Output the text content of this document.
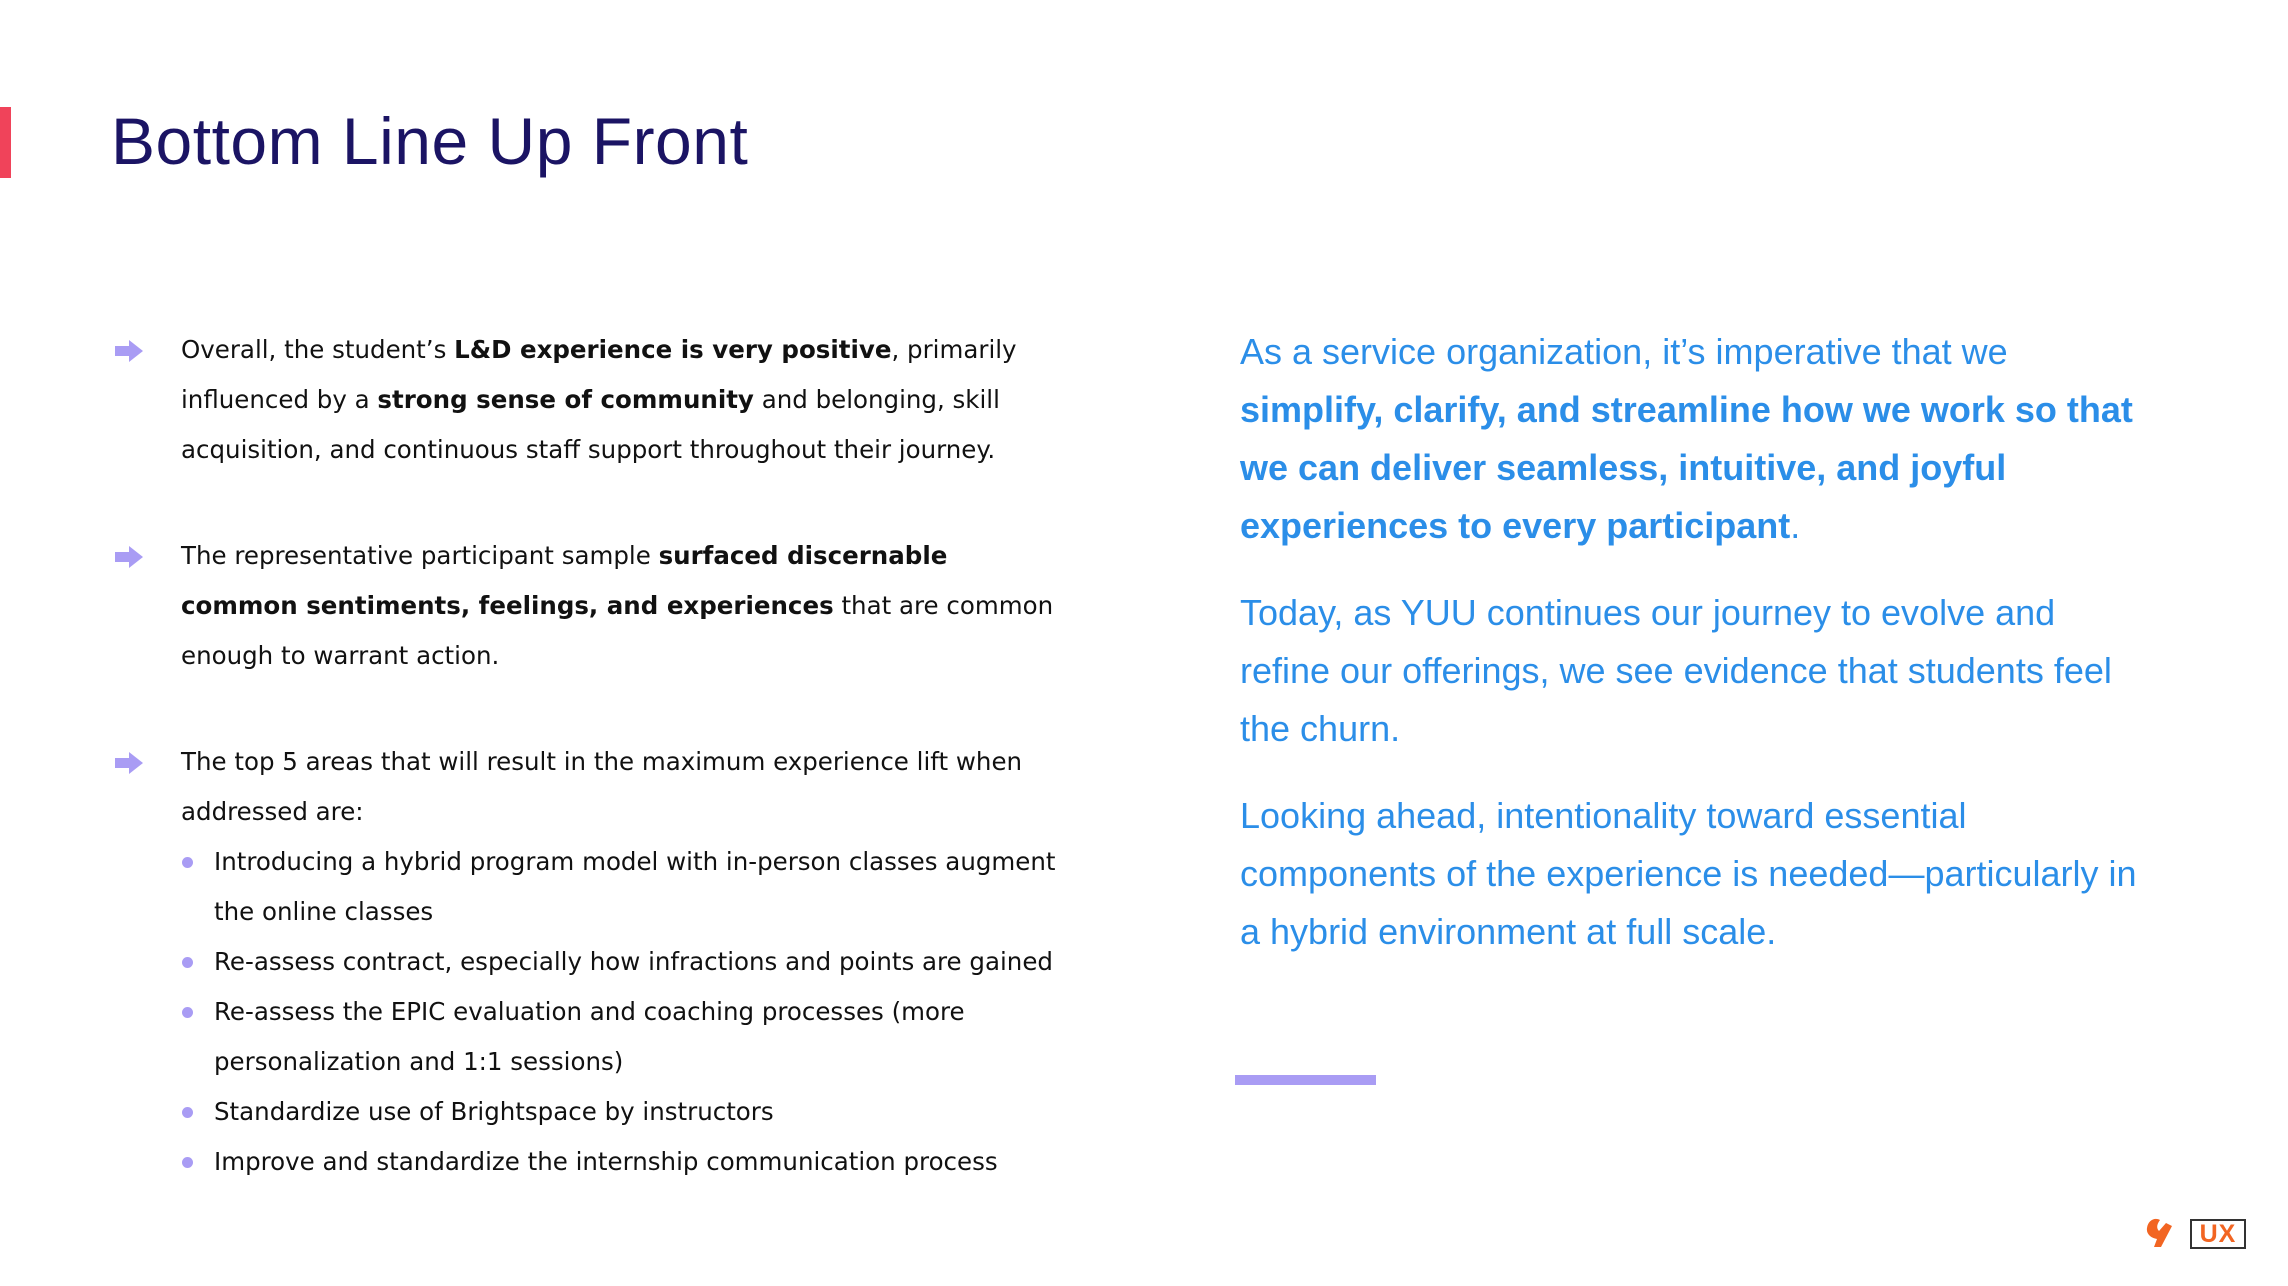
Bottom Line Up Front
Overall, the student’s L&D experience is very positive, primarily influenced by a strong sense of community and belonging, skill acquisition, and continuous staff support throughout their journey.
The representative participant sample surfaced discernable common sentiments, feelings, and experiences that are common enough to warrant action.
The top 5 areas that will result in the maximum experience lift when addressed are:
Introducing a hybrid program model with in-person classes augment the online classes
Re-assess contract, especially how infractions and points are gained
Re-assess the EPIC evaluation and coaching processes (more personalization and 1:1 sessions)
Standardize use of Brightspace by instructors
Improve and standardize the internship communication process

As a service organization, it’s imperative that we simplify, clarify, and streamline how we work so that we can deliver seamless, intuitive, and joyful experiences to every participant.

Today, as YUU continues our journey to evolve and refine our offerings, we see evidence that students feel the churn.

Looking ahead, intentionality toward essential components of the experience is needed—particularly in a hybrid environment at full scale.

UX
